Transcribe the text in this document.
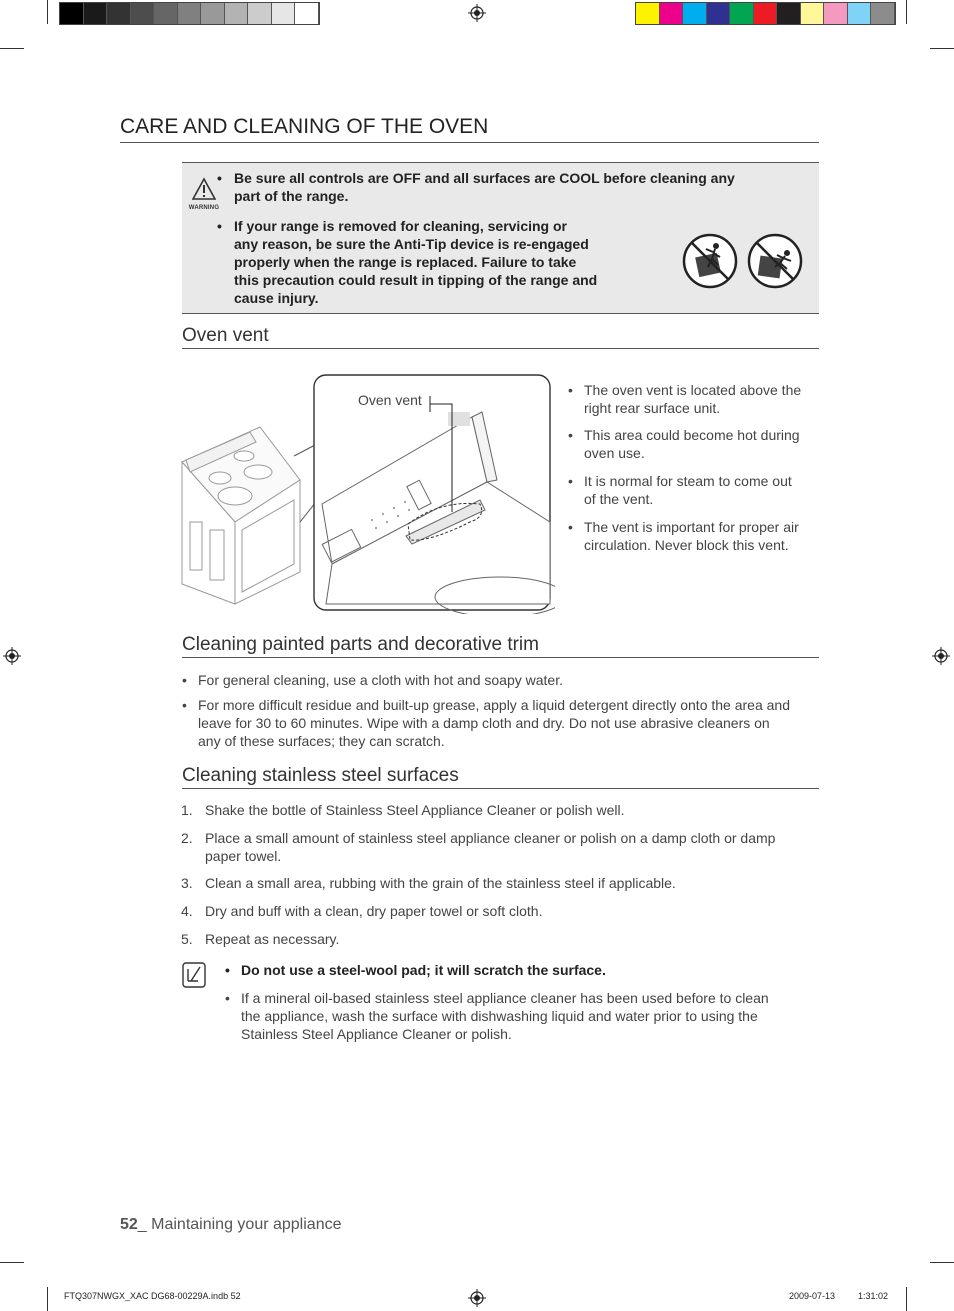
CARE AND CLEANING OF THE OVEN
WARNING
• Be sure all controls are OFF and all surfaces are COOL before cleaning any
part of the range.
• If your range is removed for cleaning, servicing or
any reason, be sure the Anti-Tip device is re-engaged
properly when the range is replaced. Failure to take
this precaution could result in tipping of the range and
cause injury.
Oven vent
Oven vent
• The oven vent is located above the
right rear surface unit.
• This area could become hot during
oven use.
• It is normal for steam to come out
of the vent.
• The vent is important for proper air
circulation. Never block this vent.
Cleaning painted parts and decorative trim
• For general cleaning, use a cloth with hot and soapy water.
• For more difficult residue and built-up grease, apply a liquid detergent directly onto the area and
leave for 30 to 60 minutes. Wipe with a damp cloth and dry. Do not use abrasive cleaners on
any of these surfaces; they can scratch.
Cleaning stainless steel surfaces
1. Shake the bottle of Stainless Steel Appliance Cleaner or polish well.
2. Place a small amount of stainless steel appliance cleaner or polish on a damp cloth or damp
paper towel.
3. Clean a small area, rubbing with the grain of the stainless steel if applicable.
4. Dry and buff with a clean, dry paper towel or soft cloth.
5. Repeat as necessary.
• Do not use a steel-wool pad; it will scratch the surface.
• If a mineral oil-based stainless steel appliance cleaner has been used before to clean
the appliance, wash the surface with dishwashing liquid and water prior to using the
Stainless Steel Appliance Cleaner or polish.
52_ Maintaining your appliance
FTQ307NWGX_XAC DG68-00229A.indb 52	2009-07-13	1:31:02
